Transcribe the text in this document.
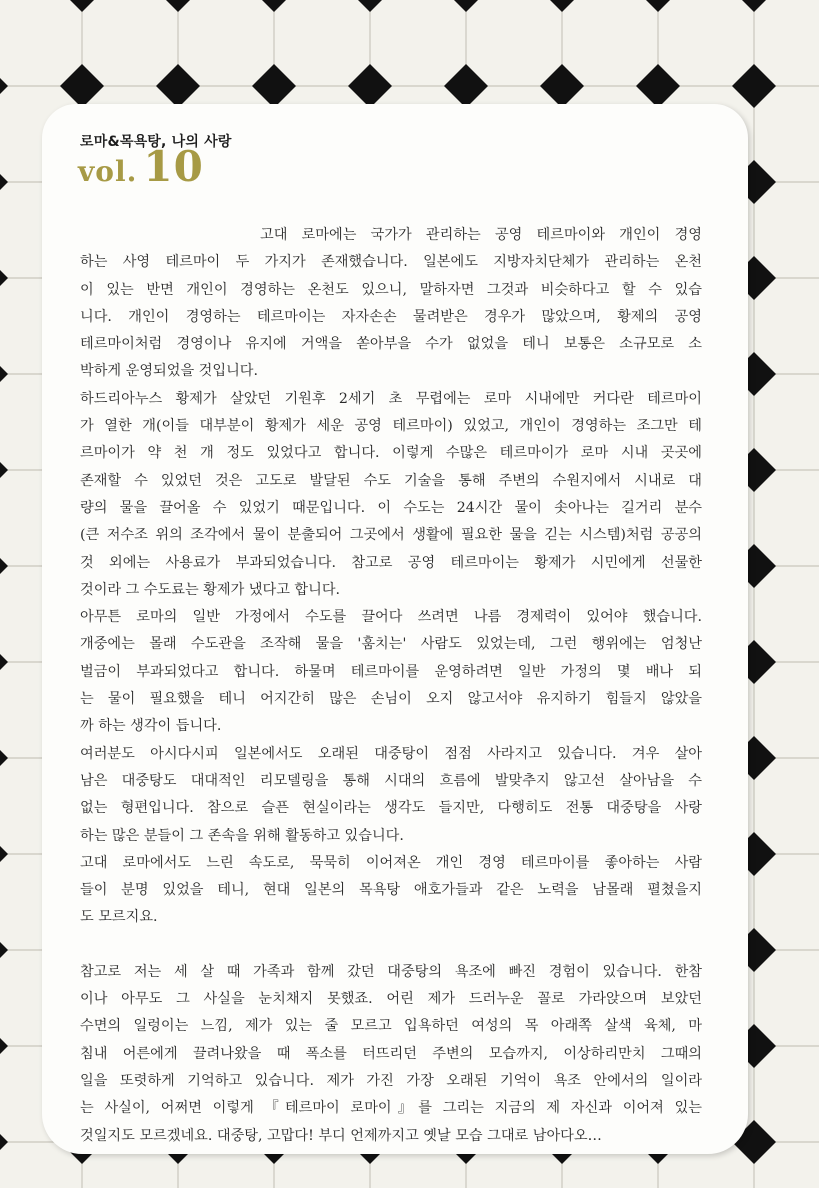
로마&목욕탕, 나의 사랑
vol. 10
고대 로마에는 국가가 관리하는 공영 테르마이와 개인이 경영
하는 사영 테르마이 두 가지가 존재했습니다. 일본에도 지방자치단체가 관리하는 온천
이 있는 반면 개인이 경영하는 온천도 있으니, 말하자면 그것과 비슷하다고 할 수 있습
니다. 개인이 경영하는 테르마이는 자자손손 물려받은 경우가 많았으며, 황제의 공영
테르마이처럼 경영이나 유지에 거액을 쏟아부을 수가 없었을 테니 보통은 소규모로 소
박하게 운영되었을 것입니다.
하드리아누스 황제가 살았던 기원후 2세기 초 무렵에는 로마 시내에만 커다란 테르마이
가 열한 개(이들 대부분이 황제가 세운 공영 테르마이) 있었고, 개인이 경영하는 조그만 테
르마이가 약 천 개 정도 있었다고 합니다. 이렇게 수많은 테르마이가 로마 시내 곳곳에
존재할 수 있었던 것은 고도로 발달된 수도 기술을 통해 주변의 수원지에서 시내로 대
량의 물을 끌어올 수 있었기 때문입니다. 이 수도는 24시간 물이 솟아나는 길거리 분수
(큰 저수조 위의 조각에서 물이 분출되어 그곳에서 생활에 필요한 물을 긷는 시스템)처럼 공공의
것 외에는 사용료가 부과되었습니다. 참고로 공영 테르마이는 황제가 시민에게 선물한
것이라 그 수도료는 황제가 냈다고 합니다.
아무튼 로마의 일반 가정에서 수도를 끌어다 쓰려면 나름 경제력이 있어야 했습니다.
개중에는 몰래 수도관을 조작해 물을 '훔치는' 사람도 있었는데, 그런 행위에는 엄청난
벌금이 부과되었다고 합니다. 하물며 테르마이를 운영하려면 일반 가정의 몇 배나 되
는 물이 필요했을 테니 어지간히 많은 손님이 오지 않고서야 유지하기 힘들지 않았을
까 하는 생각이 듭니다.
여러분도 아시다시피 일본에서도 오래된 대중탕이 점점 사라지고 있습니다. 겨우 살아
남은 대중탕도 대대적인 리모델링을 통해 시대의 흐름에 발맞추지 않고선 살아남을 수
없는 형편입니다. 참으로 슬픈 현실이라는 생각도 들지만, 다행히도 전통 대중탕을 사랑
하는 많은 분들이 그 존속을 위해 활동하고 있습니다.
고대 로마에서도 느린 속도로, 묵묵히 이어져온 개인 경영 테르마이를 좋아하는 사람
들이 분명 있었을 테니, 현대 일본의 목욕탕 애호가들과 같은 노력을 남몰래 펼쳤을지
도 모르지요.
참고로 저는 세 살 때 가족과 함께 갔던 대중탕의 욕조에 빠진 경험이 있습니다. 한참
이나 아무도 그 사실을 눈치채지 못했죠. 어린 제가 드러누운 꼴로 가라앉으며 보았던
수면의 일렁이는 느낌, 제가 있는 줄 모르고 입욕하던 여성의 목 아래쪽 살색 육체, 마
침내 어른에게 끌려나왔을 때 폭소를 터뜨리던 주변의 모습까지, 이상하리만치 그때의
일을 또렷하게 기억하고 있습니다. 제가 가진 가장 오래된 기억이 욕조 안에서의 일이라
는 사실이, 어쩌면 이렇게 『테르마이 로마이』를 그리는 지금의 제 자신과 이어져 있는
것일지도 모르겠네요. 대중탕, 고맙다! 부디 언제까지고 옛날 모습 그대로 남아다오…
